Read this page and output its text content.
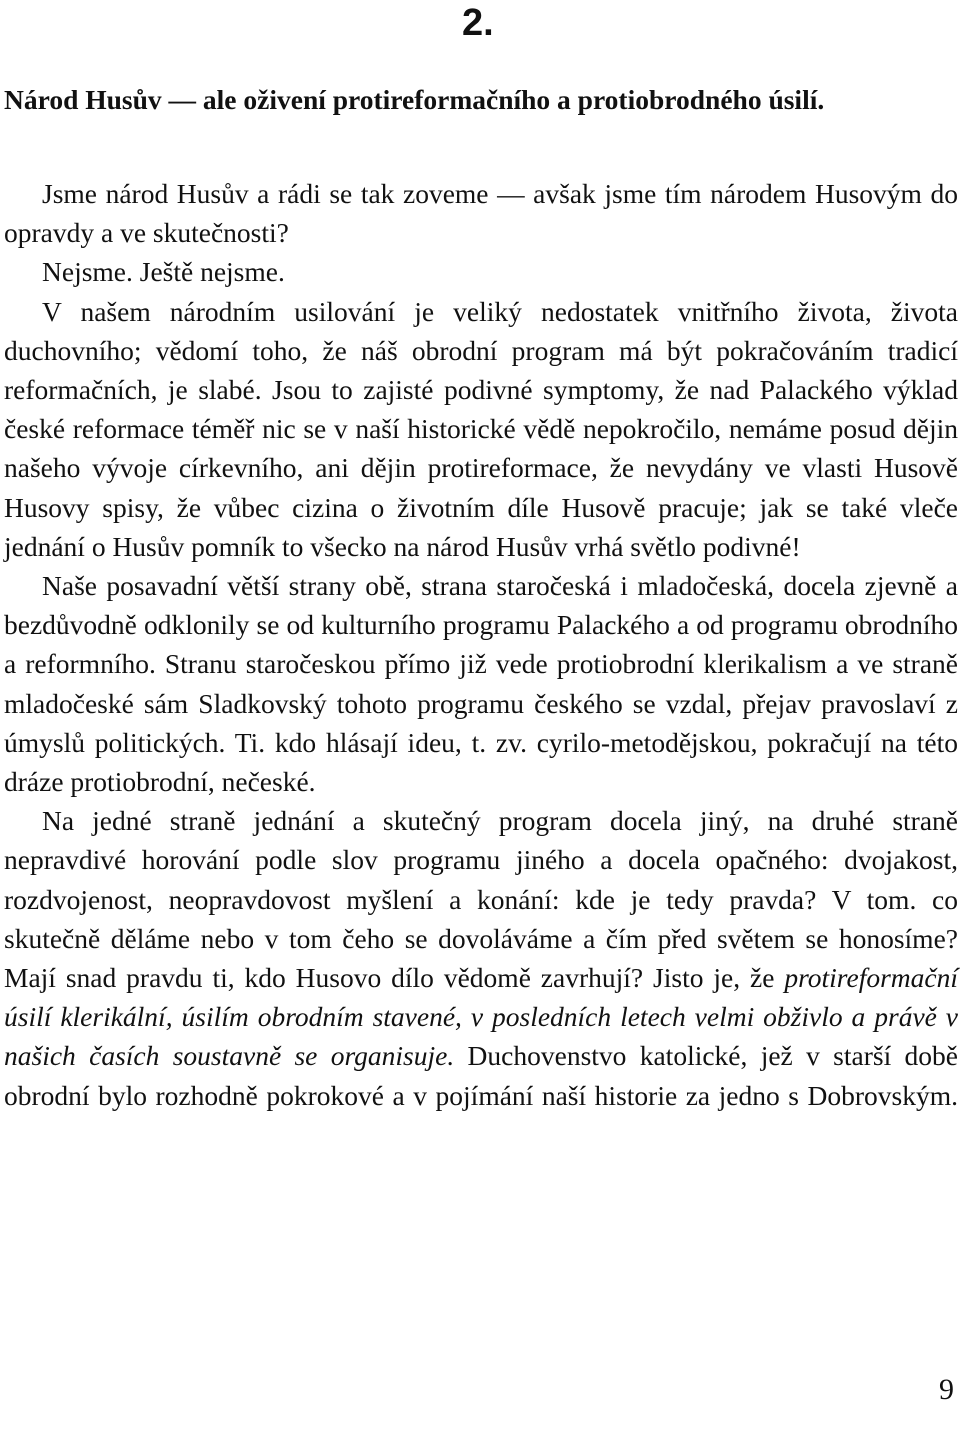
2.
Národ Husův — ale oživení protireformačního a protiobrodného úsilí.

Jsme národ Husův a rádi se tak zoveme — avšak jsme tím národem Husovým do opravdy a ve skutečnosti?

Nejsme. Ještě nejsme.

V našem národním usilování je veliký nedostatek vnitřního života, života duchovního; vědomí toho, že náš obrodní program má být pokračováním tradicí reformačních, je slabé. Jsou to zajisté podivné symptomy, že nad Palackého výklad české reformace téměř nic se v naší historické vědě nepokročilo, nemáme posud dějin našeho vývoje církevního, ani dějin protireformace, že nevydány ve vlasti Husově Husovy spisy, že vůbec cizina o životním díle Husově pracuje; jak se také vleče jednání o Husův pomník to všecko na národ Husův vrhá světlo podivné!

Naše posavadní větší strany obě, strana staročeská i mladočeská, docela zjevně a bezdůvodně odklonily se od kulturního programu Palackého a od programu obrodního a reformního. Stranu staročeskou přímo již vede protiobrodní klerikalism a ve straně mladočeské sám Sladkovský tohoto programu českého se vzdal, přejav pravoslaví z úmyslů politických. Ti. kdo hlásají ideu, t. zv. cyrilo-metodějskou, pokračují na této dráze protiobrodní, nečeské.

Na jedné straně jednání a skutečný program docela jiný, na druhé straně nepravdivé horování podle slov programu jiného a docela opačného: dvojakost, rozdvojenost, neopravdovost myšlení a konání: kde je tedy pravda? V tom. co skutečně děláme nebo v tom čeho se dovoláváme a čím před světem se honosíme? Mají snad pravdu ti, kdo Husovo dílo vědomě zavrhují? Jisto je, že protireformační úsilí klerikální, úsilím obrodním stavené, v posledních letech velmi obživlo a právě v našich časích soustavně se organisuje. Duchovenstvo katolické, jež v starší době obrodní bylo rozhodně pokrokové a v pojímání naší historie za jedno s Dobrovským.

9
